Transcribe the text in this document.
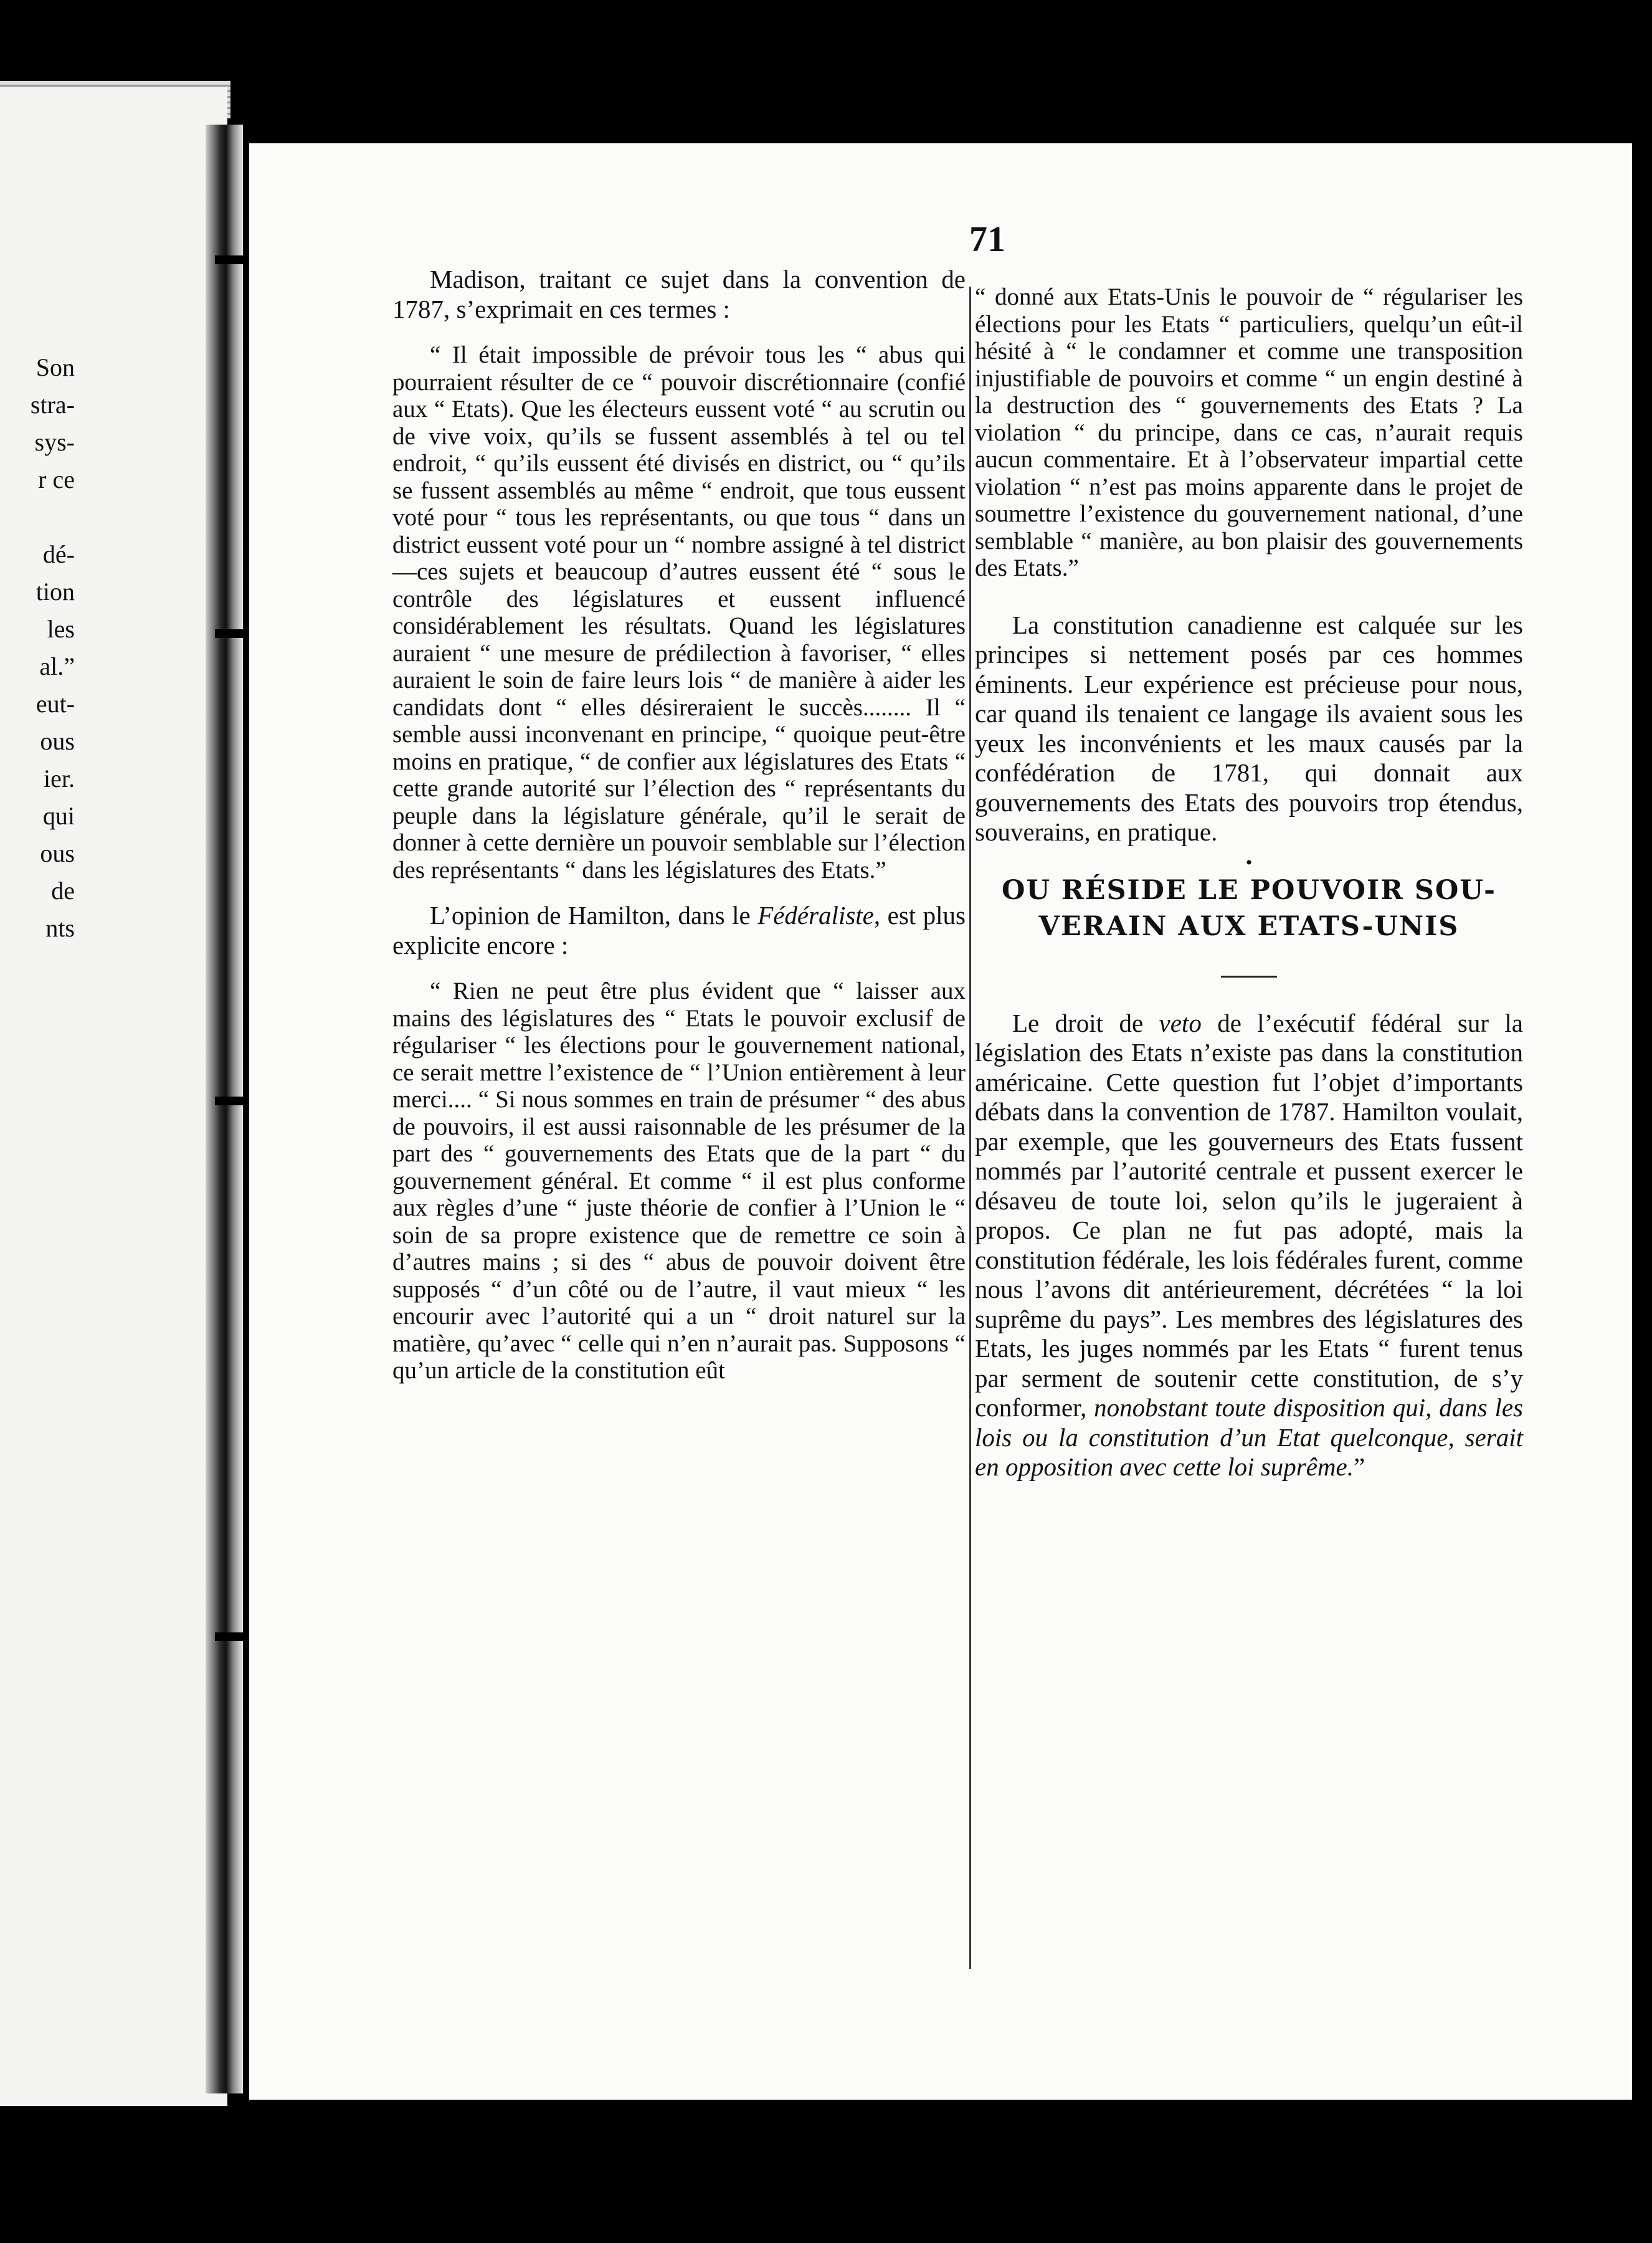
Son
stra-
sys-
r ce

dé-
tion
les
al.”
eut-
ous
ier.
qui
ous
de
nts
71

Madison, traitant ce sujet dans la convention de 1787, s’exprimait en ces termes :

“ Il était impossible de prévoir tous les “ abus qui pourraient résulter de ce “ pouvoir discrétionnaire (confié aux “ Etats). Que les électeurs eussent voté “ au scrutin ou de vive voix, qu’ils se fussent assemblés à tel ou tel endroit, “ qu’ils eussent été divisés en district, ou “ qu’ils se fussent assemblés au même “ endroit, que tous eussent voté pour “ tous les représentants, ou que tous “ dans un district eussent voté pour un “ nombre assigné à tel district—ces sujets et beaucoup d’autres eussent été “ sous le contrôle des législatures et eussent influencé considérablement les résultats. Quand les législatures auraient “ une mesure de prédilection à favoriser, “ elles auraient le soin de faire leurs lois “ de manière à aider les candidats dont “ elles désireraient le succès........ Il “ semble aussi inconvenant en principe, “ quoique peut-être moins en pratique, “ de confier aux législatures des Etats “ cette grande autorité sur l’élection des “ représentants du peuple dans la législature générale, qu’il le serait de donner à cette dernière un pouvoir semblable sur l’élection des représentants “ dans les législatures des Etats.”

L’opinion de Hamilton, dans le Fédéraliste, est plus explicite encore :

“ Rien ne peut être plus évident que “ laisser aux mains des législatures des “ Etats le pouvoir exclusif de régulariser “ les élections pour le gouvernement national, ce serait mettre l’existence de “ l’Union entièrement à leur merci.... “ Si nous sommes en train de présumer “ des abus de pouvoirs, il est aussi raisonnable de les présumer de la part des “ gouvernements des Etats que de la part “ du gouvernement général. Et comme “ il est plus conforme aux règles d’une “ juste théorie de confier à l’Union le “ soin de sa propre existence que de remettre ce soin à d’autres mains ; si des “ abus de pouvoir doivent être supposés “ d’un côté ou de l’autre, il vaut mieux “ les encourir avec l’autorité qui a un “ droit naturel sur la matière, qu’avec “ celle qui n’en n’aurait pas. Supposons “ qu’un article de la constitution eût

“ donné aux Etats-Unis le pouvoir de “ régulariser les élections pour les Etats “ particuliers, quelqu’un eût-il hésité à “ le condamner et comme une transposition injustifiable de pouvoirs et comme “ un engin destiné à la destruction des “ gouvernements des Etats ? La violation “ du principe, dans ce cas, n’aurait requis aucun commentaire. Et à l’observateur impartial cette violation “ n’est pas moins apparente dans le projet de soumettre l’existence du gouvernement national, d’une semblable “ manière, au bon plaisir des gouvernements des Etats.”

La constitution canadienne est calquée sur les principes si nettement posés par ces hommes éminents. Leur expérience est précieuse pour nous, car quand ils tenaient ce langage ils avaient sous les yeux les inconvénients et les maux causés par la confédération de 1781, qui donnait aux gouvernements des Etats des pouvoirs trop étendus, souverains, en pratique.

•

OU RÉSIDE LE POUVOIR SOU-

VERAIN AUX ETATS-UNIS

Le droit de veto de l’exécutif fédéral sur la législation des Etats n’existe pas dans la constitution américaine. Cette question fut l’objet d’importants débats dans la convention de 1787. Hamilton voulait, par exemple, que les gouverneurs des Etats fussent nommés par l’autorité centrale et pussent exercer le désaveu de toute loi, selon qu’ils le jugeraient à propos. Ce plan ne fut pas adopté, mais la constitution fédérale, les lois fédérales furent, comme nous l’avons dit antérieurement, décrétées “ la loi suprême du pays”. Les membres des législatures des Etats, les juges nommés par les Etats “ furent tenus par serment de soutenir cette constitution, de s’y conformer, nonobstant toute disposition qui, dans les lois ou la constitution d’un Etat quelconque, serait en opposition avec cette loi suprême.”
